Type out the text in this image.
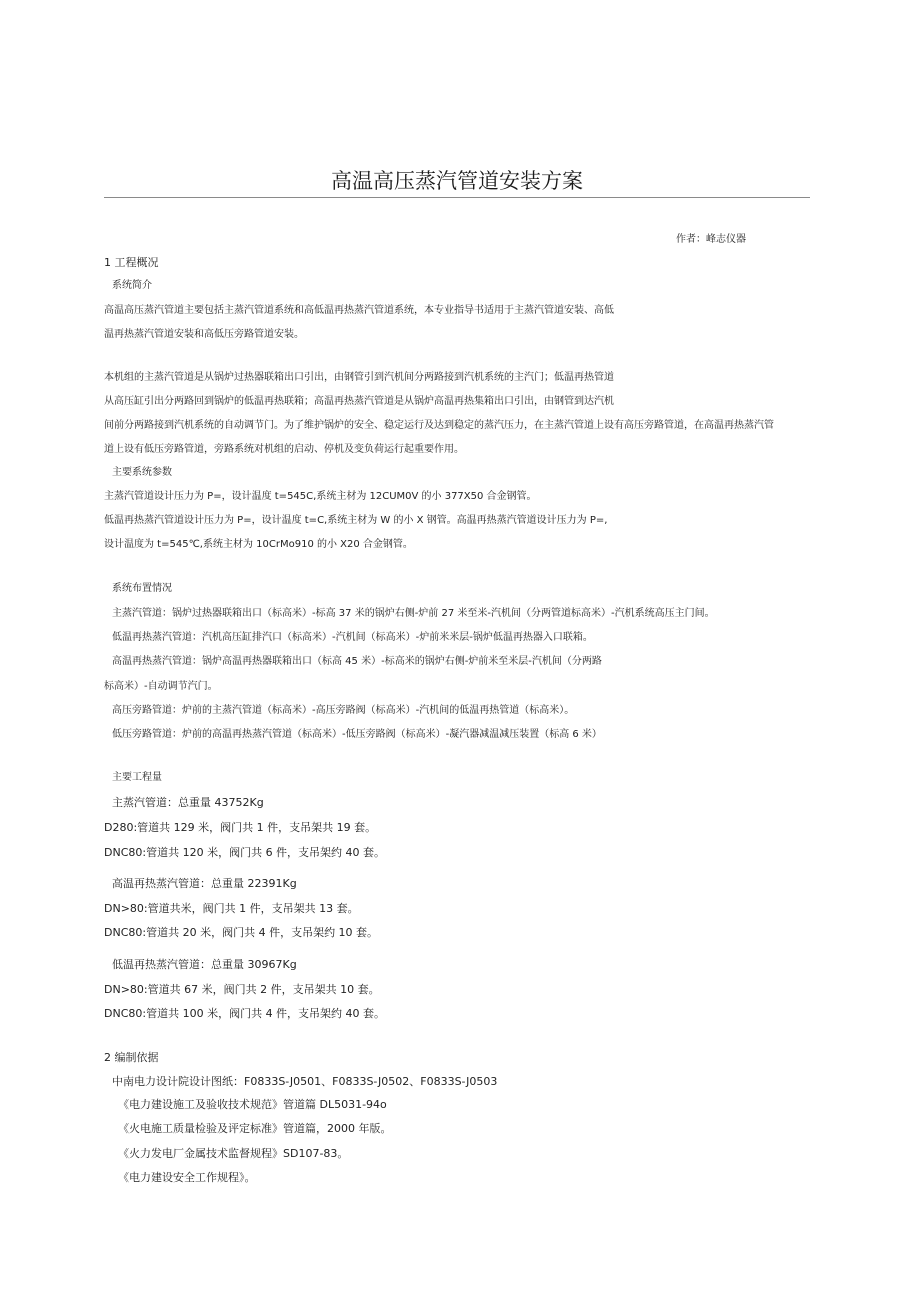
高温高压蒸汽管道安装方案
作者：峰志仪器
1 工程概况
系统简介
高温高压蒸汽管道主要包括主蒸汽管道系统和高低温再热蒸汽管道系统，本专业指导书适用于主蒸汽管道安装、高低
温再热蒸汽管道安装和高低压旁路管道安装。
本机组的主蒸汽管道是从锅炉过热器联箱出口引出，由钢管引到汽机间分两路接到汽机系统的主汽门；低温再热管道
从高压缸引出分两路回到锅炉的低温再热联箱；高温再热蒸汽管道是从锅炉高温再热集箱出口引出，由钢管到达汽机
间前分两路接到汽机系统的自动调节门。为了维护锅炉的安全、稳定运行及达到稳定的蒸汽压力，在主蒸汽管道上设有高压旁路管道，在高温再热蒸汽管
道上设有低压旁路管道，旁路系统对机组的启动、停机及变负荷运行起重要作用。
主要系统参数
主蒸汽管道设计压力为 P=，设计温度 t=545C,系统主材为 12CUM0V 的小 377X50 合金钢管。
低温再热蒸汽管道设计压力为 P=，设计温度 t=C,系统主材为 W 的小 X 钢管。高温再热蒸汽管道设计压力为 P=,
设计温度为 t=545℃,系统主材为 10CrMo910 的小 X20 合金钢管。
系统布置情况
主蒸汽管道：锅炉过热器联箱出口（标高米）-标高 37 米的锅炉右侧-炉前 27 米至米-汽机间（分两管道标高米）-汽机系统高压主门间。
低温再热蒸汽管道：汽机高压缸排汽口（标高米）-汽机间（标高米）-炉前米米层-锅炉低温再热器入口联箱。
高温再热蒸汽管道：锅炉高温再热器联箱出口（标高 45 米）-标高米的锅炉右侧-炉前米至米层-汽机间（分两路
标高米）-自动调节汽门。
高压旁路管道：炉前的主蒸汽管道（标高米）-高压旁路阀（标高米）-汽机间的低温再热管道（标高米）。
低压旁路管道：炉前的高温再热蒸汽管道（标高米）-低压旁路阀（标高米）-凝汽器减温减压装置（标高 6 米）
主要工程量
主蒸汽管道：总重量 43752Kg
D280:管道共 129 米，阀门共 1 件，支吊架共 19 套。
DNC80:管道共 120 米，阀门共 6 件，支吊架约 40 套。
高温再热蒸汽管道：总重量 22391Kg
DN>80:管道共米，阀门共 1 件，支吊架共 13 套。
DNC80:管道共 20 米，阀门共 4 件，支吊架约 10 套。
低温再热蒸汽管道：总重量 30967Kg
DN>80:管道共 67 米，阀门共 2 件，支吊架共 10 套。
DNC80:管道共 100 米，阀门共 4 件，支吊架约 40 套。
2 编制依据
中南电力设计院设计图纸：F0833S-J0501、F0833S-J0502、F0833S-J0503
《电力建设施工及验收技术规范》管道篇 DL5031-94o
《火电施工质量检验及评定标准》管道篇，2000 年版。
《火力发电厂金属技术监督规程》SD107-83。
《电力建设安全工作规程》。
